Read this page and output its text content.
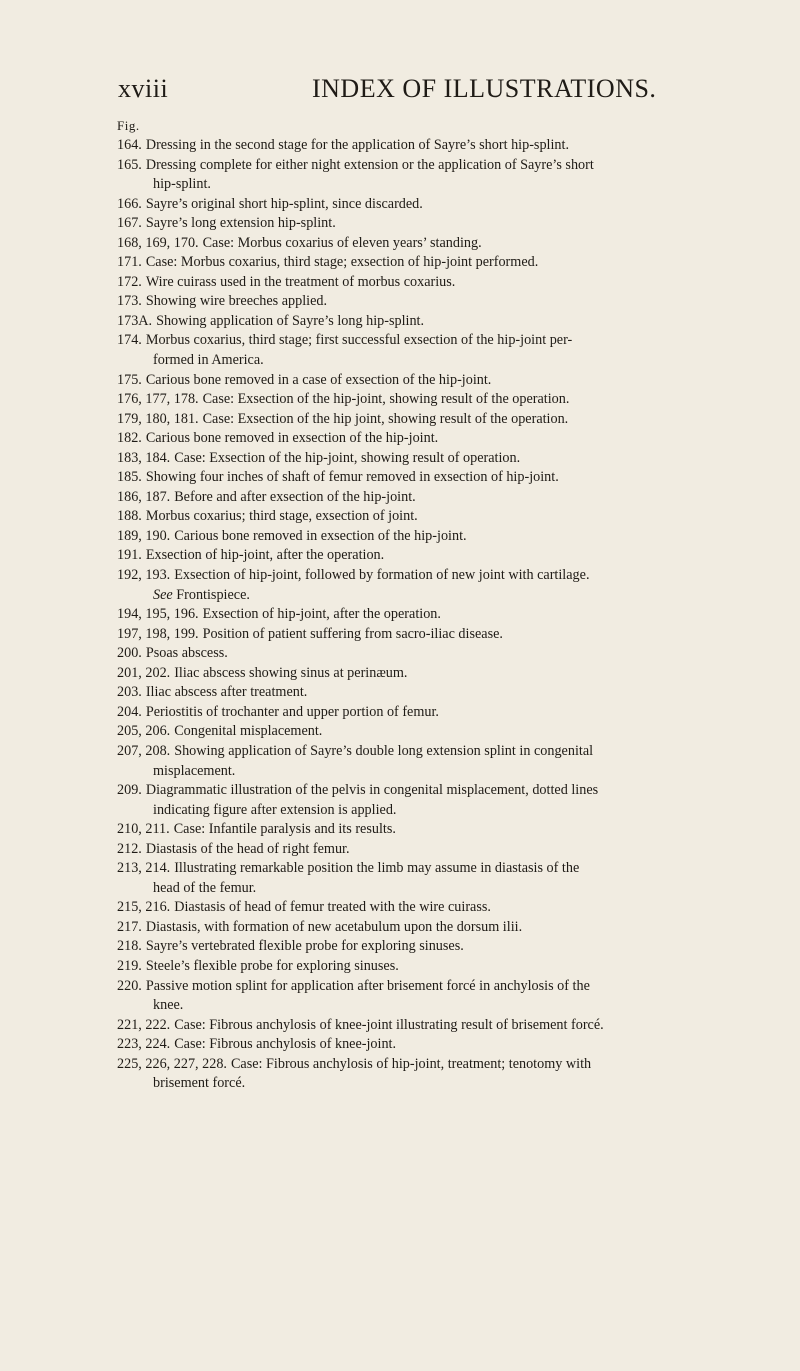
xviii	INDEX OF ILLUSTRATIONS.
Fig.

164. Dressing in the second stage for the application of Sayre’s short hip-splint.

165. Dressing complete for either night extension or the application of Sayre’s short
hip-splint.

166. Sayre’s original short hip-splint, since discarded.

167. Sayre’s long extension hip-splint.

168, 169, 170. Case: Morbus coxarius of eleven years’ standing.

171. Case: Morbus coxarius, third stage; exsection of hip-joint performed.

172. Wire cuirass used in the treatment of morbus coxarius.

173. Showing wire breeches applied.

173A. Showing application of Sayre’s long hip-splint.

174. Morbus coxarius, third stage; first successful exsection of the hip-joint per-
formed in America.

175. Carious bone removed in a case of exsection of the hip-joint.

176, 177, 178. Case: Exsection of the hip-joint, showing result of the operation.

179, 180, 181. Case: Exsection of the hip joint, showing result of the operation.

182. Carious bone removed in exsection of the hip-joint.

183, 184. Case: Exsection of the hip-joint, showing result of operation.

185. Showing four inches of shaft of femur removed in exsection of hip-joint.

186, 187. Before and after exsection of the hip-joint.

188. Morbus coxarius; third stage, exsection of joint.

189, 190. Carious bone removed in exsection of the hip-joint.

191. Exsection of hip-joint, after the operation.

192, 193. Exsection of hip-joint, followed by formation of new joint with cartilage.
See Frontispiece.

194, 195, 196. Exsection of hip-joint, after the operation.

197, 198, 199. Position of patient suffering from sacro-iliac disease.

200. Psoas abscess.

201, 202. Iliac abscess showing sinus at perinæum.

203. Iliac abscess after treatment.

204. Periostitis of trochanter and upper portion of femur.

205, 206. Congenital misplacement.

207, 208. Showing application of Sayre’s double long extension splint in congenital
misplacement.

209. Diagrammatic illustration of the pelvis in congenital misplacement, dotted lines
indicating figure after extension is applied.

210, 211. Case: Infantile paralysis and its results.

212. Diastasis of the head of right femur.

213, 214. Illustrating remarkable position the limb may assume in diastasis of the
head of the femur.

215, 216. Diastasis of head of femur treated with the wire cuirass.

217. Diastasis, with formation of new acetabulum upon the dorsum ilii.

218. Sayre’s vertebrated flexible probe for exploring sinuses.

219. Steele’s flexible probe for exploring sinuses.

220. Passive motion splint for application after brisement forcé in anchylosis of the
knee.

221, 222. Case: Fibrous anchylosis of knee-joint illustrating result of brisement forcé.

223, 224. Case: Fibrous anchylosis of knee-joint.

225, 226, 227, 228. Case: Fibrous anchylosis of hip-joint, treatment; tenotomy with
brisement forcé.
